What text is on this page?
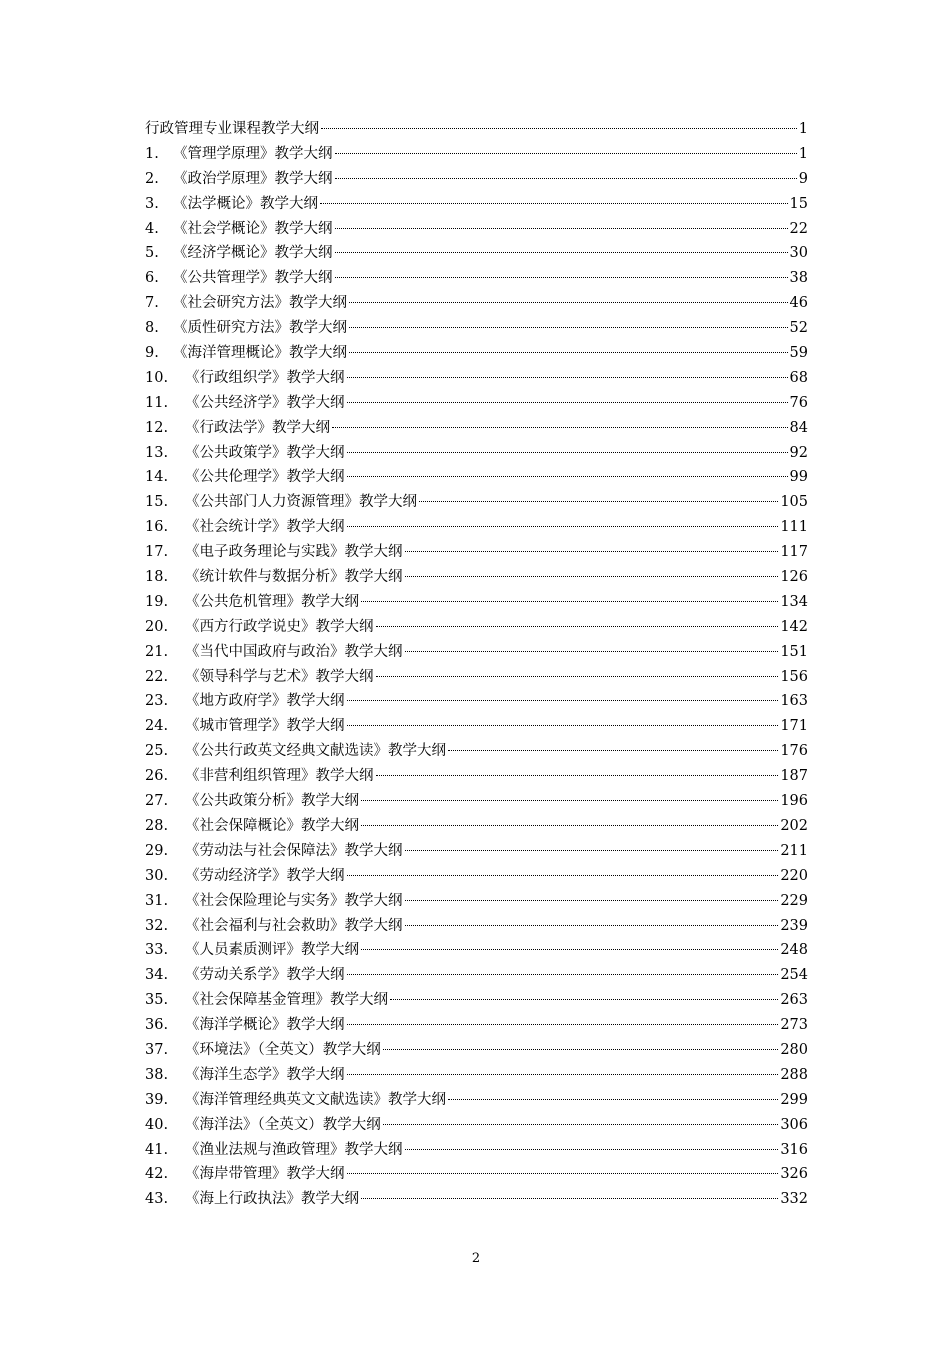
行政管理专业课程教学大纲	1
1. 《管理学原理》教学大纲	1
2. 《政治学原理》教学大纲	9
3. 《法学概论》教学大纲	15
4. 《社会学概论》教学大纲	22
5. 《经济学概论》教学大纲	30
6. 《公共管理学》教学大纲	38
7. 《社会研究方法》教学大纲	46
8. 《质性研究方法》教学大纲	52
9. 《海洋管理概论》教学大纲	59
10.	《行政组织学》教学大纲	68
11.	《公共经济学》教学大纲	76
12.	《行政法学》教学大纲	84
13.	《公共政策学》教学大纲	92
14.	《公共伦理学》教学大纲	99
15.	《公共部门人力资源管理》教学大纲	105
16.	《社会统计学》教学大纲	111
17.	《电子政务理论与实践》教学大纲	117
18.	《统计软件与数据分析》教学大纲	126
19.	《公共危机管理》教学大纲	134
20.	《西方行政学说史》教学大纲	142
21.	《当代中国政府与政治》教学大纲	151
22.	《领导科学与艺术》教学大纲	156
23.	《地方政府学》教学大纲	163
24.	《城市管理学》教学大纲	171
25.	《公共行政英文经典文献选读》教学大纲	176
26.	《非营利组织管理》教学大纲	187
27.	《公共政策分析》教学大纲	196
28.	《社会保障概论》教学大纲	202
29.	《劳动法与社会保障法》教学大纲	211
30.	《劳动经济学》教学大纲	220
31.	《社会保险理论与实务》教学大纲	229
32.	《社会福利与社会救助》教学大纲	239
33.	《人员素质测评》教学大纲	248
34.	《劳动关系学》教学大纲	254
35.	《社会保障基金管理》教学大纲	263
36.	《海洋学概论》教学大纲	273
37.	《环境法》（全英文）教学大纲	280
38.	《海洋生态学》教学大纲	288
39.	《海洋管理经典英文文献选读》教学大纲	299
40.	《海洋法》（全英文）教学大纲	306
41.	《渔业法规与渔政管理》教学大纲	316
42.	《海岸带管理》教学大纲	326
43.	《海上行政执法》教学大纲	332
2
